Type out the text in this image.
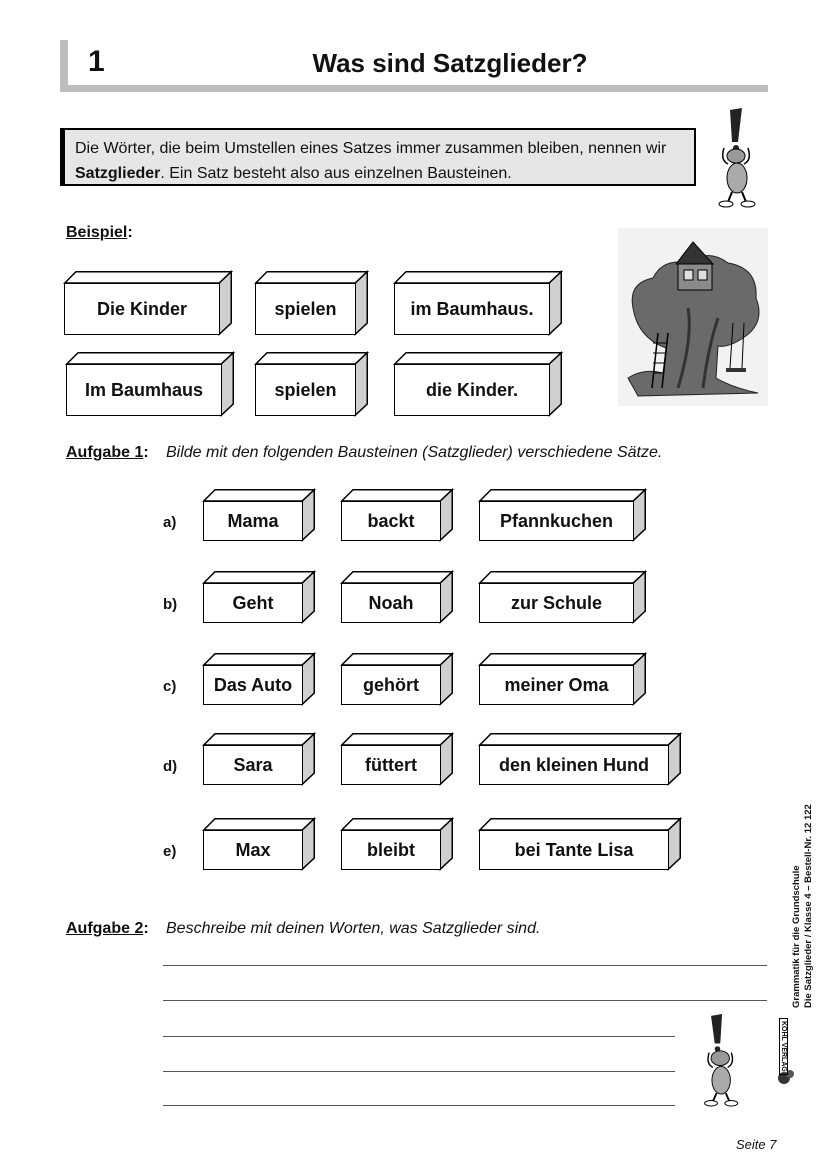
1	Was sind Satzglieder?
Die Wörter, die beim Umstellen eines Satzes immer zusammen bleiben, nennen wir
Satzglieder. Ein Satz besteht also aus einzelnen Bausteinen.
Beispiel:
Die Kinder	spielen	im Baumhaus.
Im Baumhaus	spielen	die Kinder.
Aufgabe 1: Bilde mit den folgenden Bausteinen (Satzglieder) verschiedene Sätze.
a)	Mama	backt	Pfannkuchen
b)	Geht	Noah	zur Schule
c)	Das Auto	gehört	meiner Oma
d)	Sara	füttert	den kleinen Hund
e)	Max	bleibt	bei Tante Lisa
Aufgabe 2: Beschreibe mit deinen Worten, was Satzglieder sind.	Grammatik für die Grundschule Die Satzglieder / Klasse 4 – Bestell-Nr. 12 122
KOHL VERLAG
Seite 7
